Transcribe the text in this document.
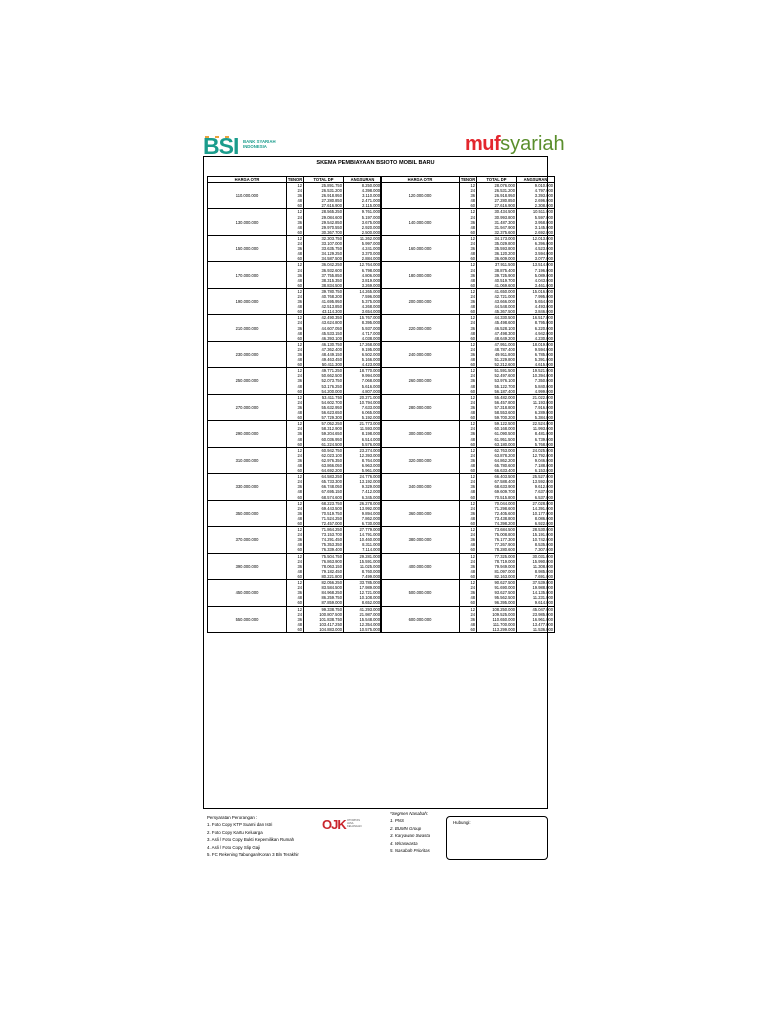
BSI BANK SYARIAH INDONESIA	mufsyariah
SKEMA PEMBIAYAAN BSIOTO MOBIL BARU
HARGA OTR	TENOR	TOTAL DP	ANGSURAN
110.000.000	12	25.891.750	8.250.000
	24	26.531.200	4.398.000
	36	26.918.950	3.110.000
	48	27.280.850	2.471.000
	60	27.616.900	2.115.000
130.000.000	12	28.565.250	9.761.000
	24	29.084.600	5.197.000
	36	29.542.850	3.675.000
	48	29.970.550	2.920.000
	60	30.367.700	2.500.000
150.000.000	12	32.303.750	11.262.000
	24	33.107.000	5.997.000
	36	33.635.750	4.241.000
	48	34.129.250	3.370.000
	60	34.587.500	2.884.000
170.000.000	12	36.042.250	12.764.000
	24	36.932.600	6.798.000
	36	37.755.850	4.806.000
	48	38.315.350	3.819.000
	60	38.834.500	3.269.000
190.000.000	12	39.780.750	14.265.000
	24	40.768.200	7.596.000
	36	41.695.950	5.375.000
	48	42.513.850	4.268.000
	60	43.114.300	3.654.000
210.000.000	12	42.490.350	15.767.000
	24	43.624.800	8.395.000
	36	44.607.050	5.937.000
	48	45.533.150	4.717.000
	60	46.393.100	4.038.000
230.000.000	12	46.130.750	17.268.000
	24	47.362.400	9.195.000
	36	48.449.150	6.502.000
	48	49.463.450	5.166.000
	60	50.411.300	4.423.000
250.000.000	12	49.771.250	18.770.000
	24	50.662.500	9.994.000
	36	52.073.750	7.068.000
	48	53.176.250	5.616.000
	60	54.200.000	4.807.000
270.000.000	12	53.411.750	20.271.000
	24	54.602.700	10.794.000
	36	55.632.950	7.633.000
	48	56.623.650	6.065.000
	60	57.729.300	5.192.000
290.000.000	12	57.052.250	21.773.000
	24	58.312.900	11.593.000
	36	59.204.650	8.198.000
	48	60.036.950	6.514.000
	60	61.224.500	5.576.000
310.000.000	12	60.942.750	23.274.000
	24	62.023.100	12.393.000
	36	62.976.350	8.764.000
	48	63.866.050	6.963.000
	60	64.692.200	5.961.000
330.000.000	12	64.583.250	24.776.000
	24	65.733.300	13.192.000
	36	66.748.050	9.329.000
	48	67.695.150	7.412.000
	60	68.574.600	6.345.000
350.000.000	12	68.223.750	26.278.000
	24	69.443.500	13.992.000
	36	70.519.750	9.894.000
	48	71.524.250	7.862.000
	60	72.457.000	6.730.000
370.000.000	12	71.864.250	27.779.000
	24	73.153.700	14.791.000
	36	74.291.450	10.460.000
	48	75.353.350	8.311.000
	60	76.339.400	7.114.000
390.000.000	12	75.504.750	29.281.000
	24	76.863.900	15.591.000
	36	78.063.150	11.025.000
	48	79.182.450	8.760.000
	60	80.221.800	7.499.000
450.000.000	12	82.056.250	33.785.000
	24	83.584.500	17.989.000
	36	84.968.250	12.721.000
	48	86.259.750	10.108.000
	60	87.859.000	8.652.000
550.000.000	12	99.338.750	41.293.000
	24	100.807.500	21.987.000
	36	101.838.750	15.548.000
	48	103.417.250	12.354.000
	60	104.883.000	10.575.000
HARGA OTR	TENOR	TOTAL DP	ANGSURAN
120.000.000	12	28.076.000	9.010.000
	24	26.531.200	4.797.000
	36	26.918.950	3.393.000
	48	27.280.850	2.696.000
	60	27.616.900	2.308.000
140.000.000	12	30.434.500	10.511.000
	24	30.993.800	5.597.000
	36	31.487.300	3.958.000
	48	31.947.900	3.145.000
	60	32.375.600	2.692.000
160.000.000	12	34.173.000	12.013.000
	24	35.029.800	6.396.000
	36	35.593.800	4.523.000
	48	36.120.200	3.594.000
	60	36.609.000	3.077.000
180.000.000	12	37.911.500	13.514.000
	24	38.875.400	7.196.000
	36	39.725.900	5.089.000
	48	40.519.700	4.043.000
	60	41.069.600	3.461.000
200.000.000	12	41.650.000	15.016.000
	24	42.721.000	7.995.000
	36	43.666.000	5.654.000
	48	44.548.000	4.493.000
	60	45.367.500	3.846.000
220.000.000	12	44.330.500	16.517.000
	24	45.498.600	8.795.000
	36	46.528.100	6.220.000
	48	47.498.300	4.942.000
	60	48.649.200	4.230.000
240.000.000	12	47.951.000	18.019.000
	24	48.787.400	9.594.000
	36	49.911.800	6.785.000
	48	51.229.800	5.391.000
	60	52.212.600	4.615.000
260.000.000	12	51.591.500	19.521.000
	24	52.497.600	10.394.000
	36	53.976.100	7.350.000
	48	55.122.700	5.840.000
	60	56.187.400	4.999.000
280.000.000	12	55.482.000	21.022.000
	24	56.457.800	11.193.000
	36	57.318.800	7.916.000
	48	58.553.600	6.289.000
	60	59.700.200	5.384.000
300.000.000	12	59.122.500	22.524.000
	24	60.168.000	11.993.000
	36	61.090.500	8.481.000
	48	61.951.500	6.739.000
	60	63.180.000	5.768.000
320.000.000	12	62.763.000	24.025.000
	24	63.878.200	12.792.000
	36	64.862.200	9.046.000
	48	65.780.600	7.188.000
	60	66.633.400	6.153.000
340.000.000	12	66.403.500	25.527.000
	24	67.588.400	13.592.000
	36	68.633.900	9.612.000
	48	69.609.700	7.637.000
	60	70.515.800	6.537.000
360.000.000	12	70.044.000	27.028.000
	24	71.298.600	14.391.000
	36	72.405.600	10.177.000
	48	73.438.800	8.086.000
	60	74.398.200	6.922.000
380.000.000	12	73.684.500	28.530.000
	24	75.008.800	15.191.000
	36	76.177.300	10.742.000
	48	77.267.900	8.535.000
	60	78.280.600	7.307.000
400.000.000	12	77.325.000	30.031.000
	24	78.719.000	15.990.000
	36	79.949.000	11.308.000
	48	81.097.000	8.985.000
	60	82.163.000	7.691.000
500.000.000	12	90.627.500	37.539.000
	24	91.690.000	19.988.000
	36	93.627.500	14.135.000
	48	95.562.500	11.231.000
	60	96.395.000	9.614.000
600.000.000	12	108.250.000	45.047.000
	24	109.525.000	23.985.000
	36	110.650.000	16.961.000
	48	111.700.000	13.477.000
	60	113.299.000	11.536.000
Persyaratan Perorangan :
1. Foto Copy KTP Suami dan Istri
2. Foto Copy Kartu Keluarga
3. Asli / Foto Copy Bukti Kepemilikan Rumah
4. Asli / Foto Copy Slip Gaji
5. FC Rekening Tabungan/Koran 3 Bln Terakhir
OJK OTORITAS
JASA
KEUANGAN
*Segmen Nasabah:
1. PNS
2. BUMN Group
3. Karyawan Swasta
4. Wiraswasta
5. Nasabah Prioritas
Hubungi:
